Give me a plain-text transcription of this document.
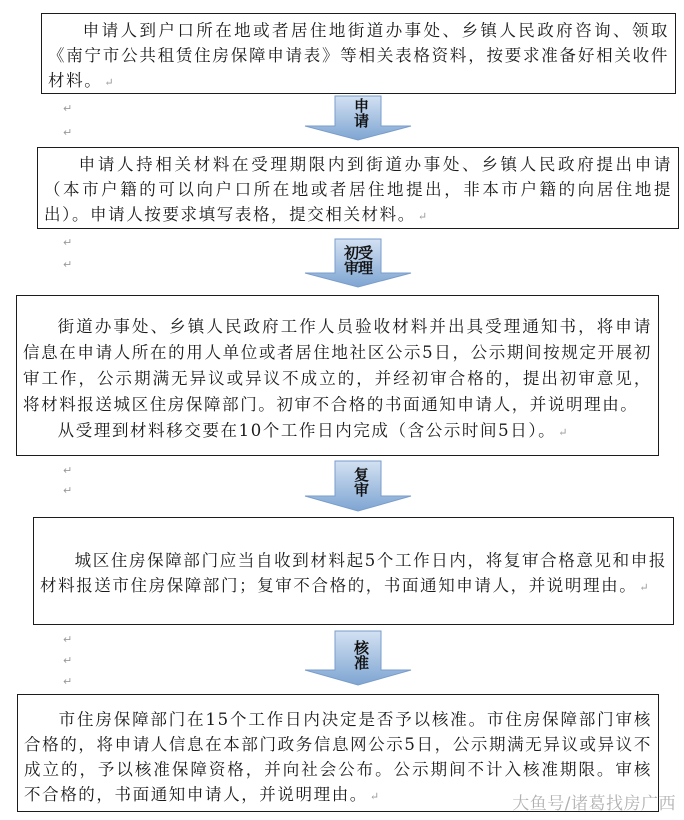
申请人到户口所在地或者居住地街道办事处、乡镇人民政府咨询、领取《南宁市公共租赁住房保障申请表》等相关表格资料，按要求准备好相关收件材料。 ↵

↵
↵
申请

申请人持相关材料在受理期限内到街道办事处、乡镇人民政府提出申请（本市户籍的可以向户口所在地或者居住地提出，非本市户籍的向居住地提出）。申请人按要求填写表格，提交相关材料。 ↵

↵
↵
初受
审理

街道办事处、乡镇人民政府工作人员验收材料并出具受理通知书，将申请信息在申请人所在的用人单位或者居住地社区公示5日，公示期间按规定开展初审工作，公示期满无异议或异议不成立的，并经初审合格的，提出初审意见，将材料报送城区住房保障部门。初审不合格的书面通知申请人，并说明理由。

从受理到材料移交要在10个工作日内完成（含公示时间5日）。 ↵

↵
↵	复审

城区住房保障部门应当自收到材料起5个工作日内，将复审合格意见和申报材料报送市住房保障部门；复审不合格的，书面通知申请人，并说明理由。 ↵

↵
↵
↵
核准

市住房保障部门在15个工作日内决定是否予以核准。市住房保障部门审核合格的，将申请人信息在本部门政务信息网公示5日，公示期满无异议或异议不成立的，予以核准保障资格，并向社会公布。公示期间不计入核准期限。审核不合格的，书面通知申请人，并说明理由。 ↵	大鱼号/诸葛找房广西
